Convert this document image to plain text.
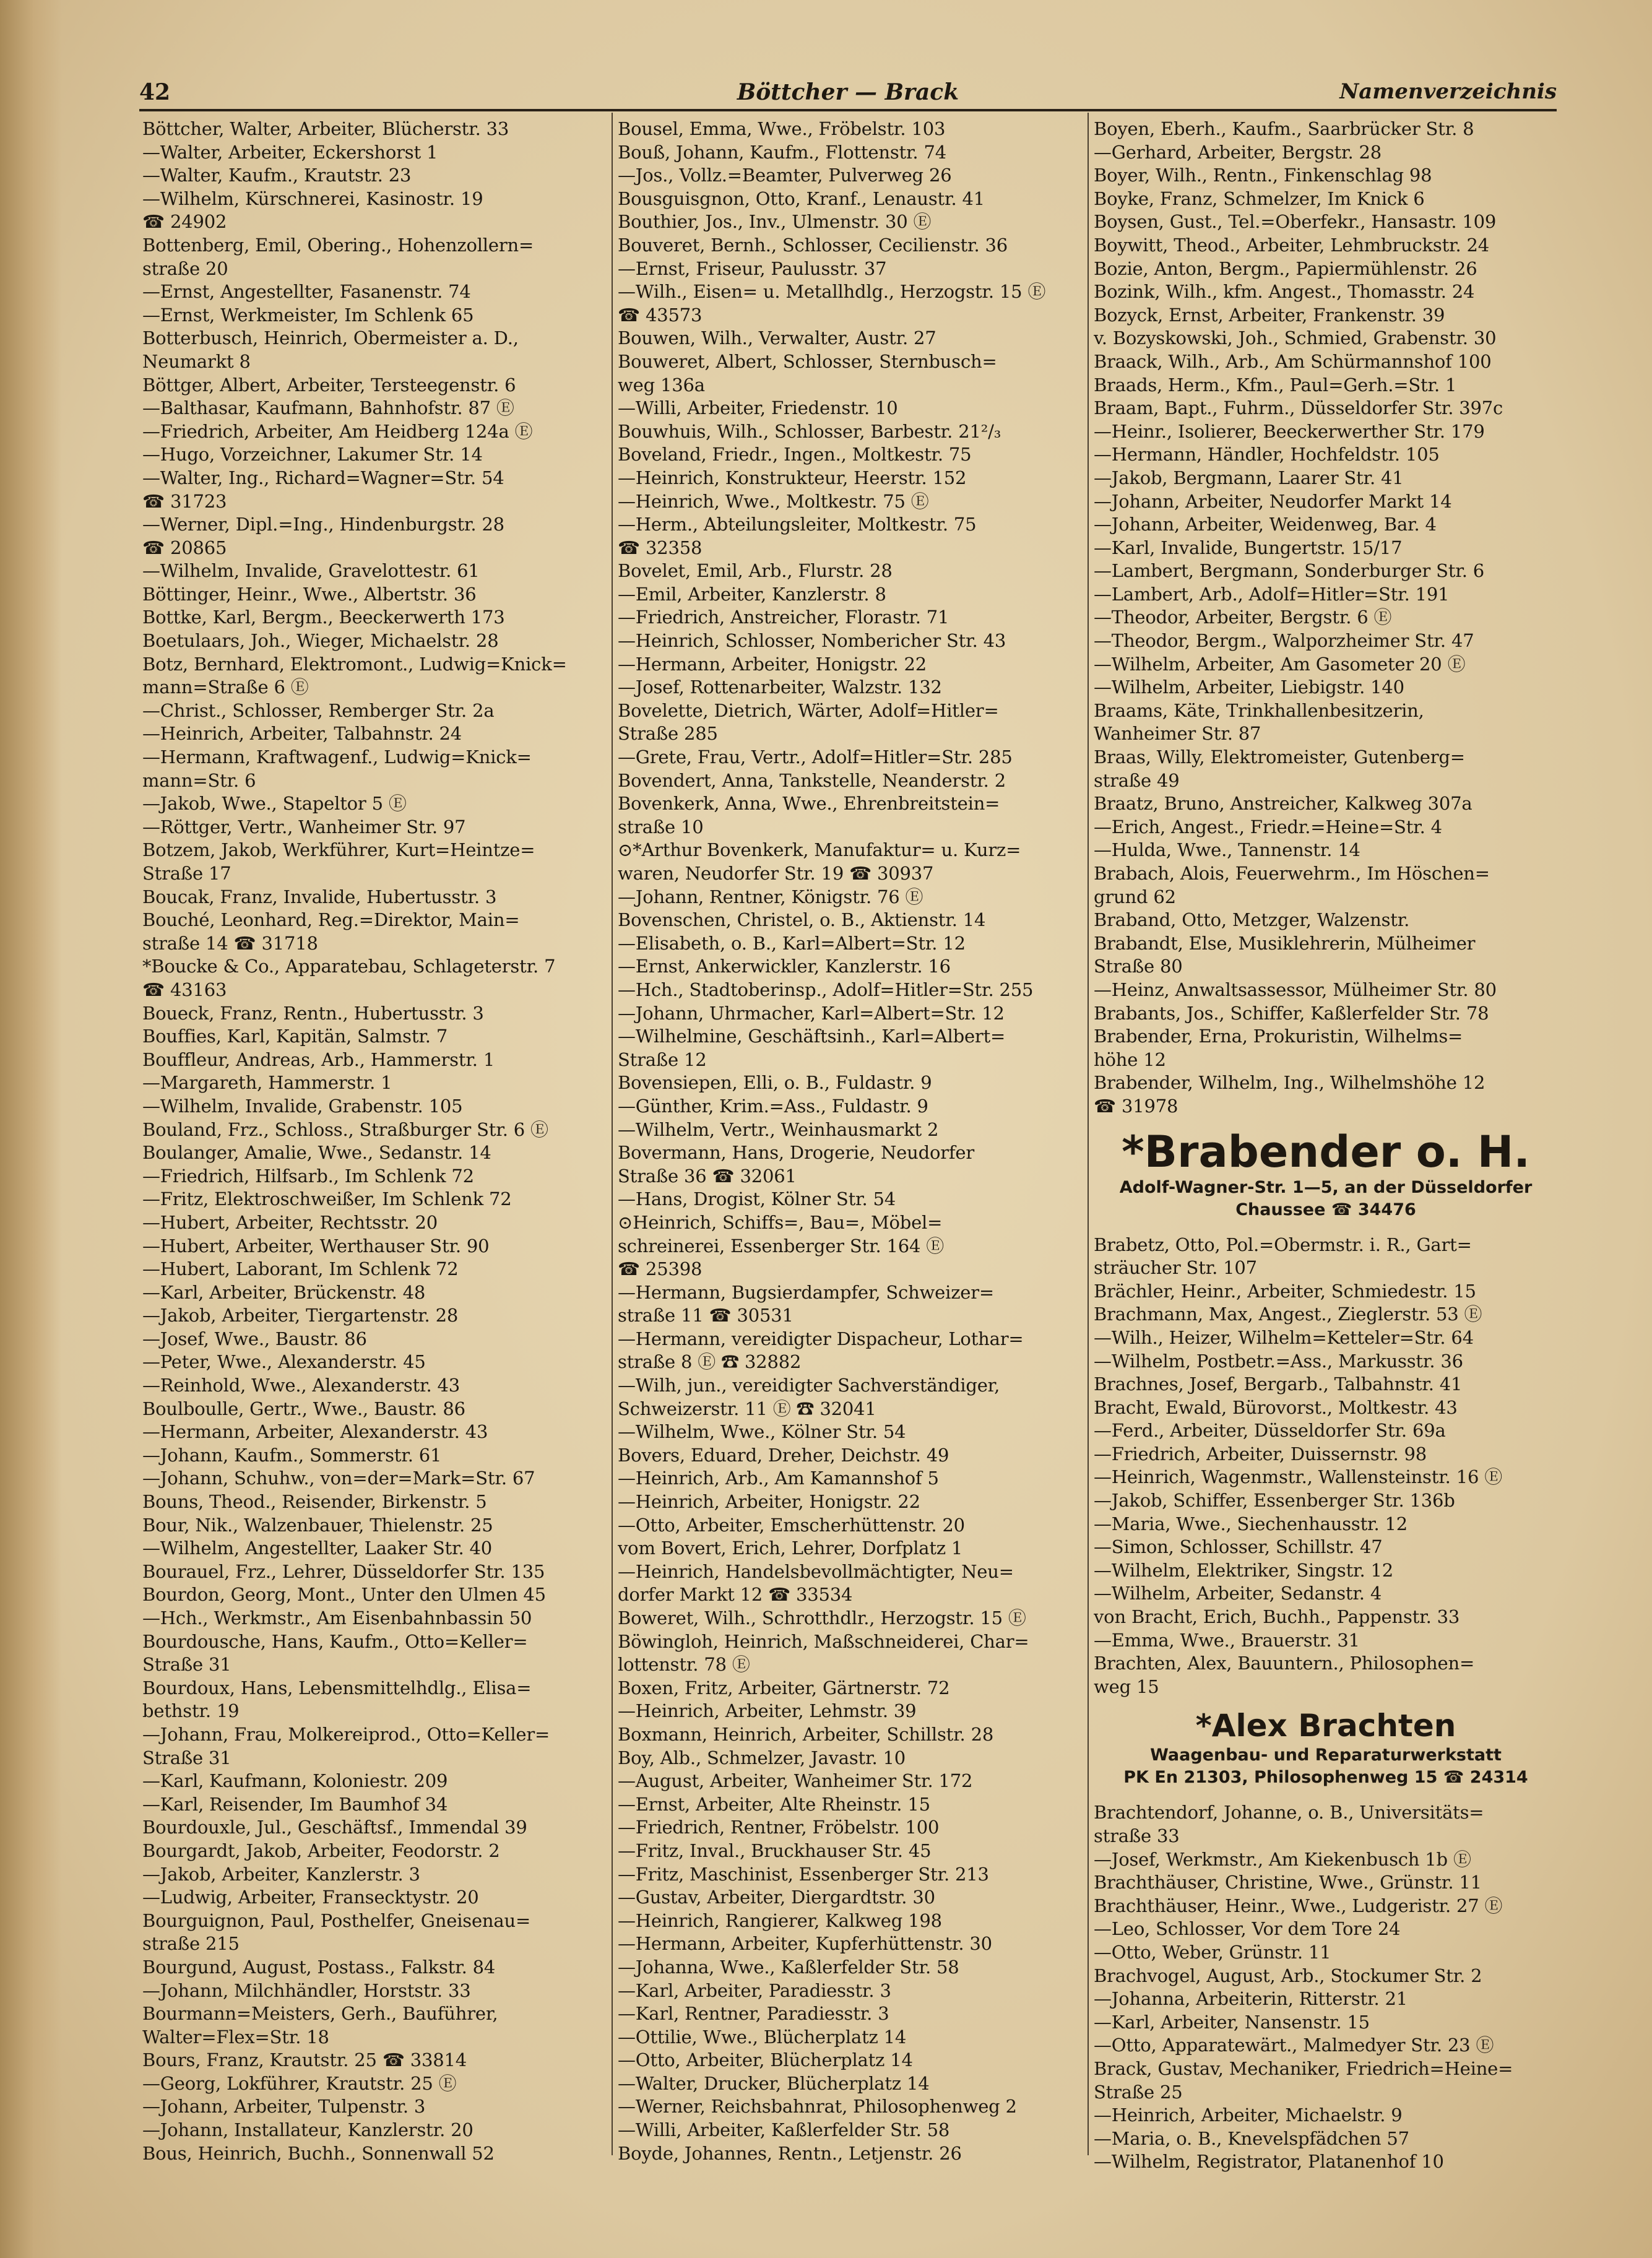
42	Böttcher — Brack	Namenverzeichnis
Böttcher, Walter, Arbeiter, Blücherstr. 33
—Walter, Arbeiter, Eckershorst 1
—Walter, Kaufm., Krautstr. 23
—Wilhelm, Kürschnerei, Kasinostr. 19
☎ 24902
Bottenberg, Emil, Obering., Hohenzollern=
straße 20
—Ernst, Angestellter, Fasanenstr. 74
—Ernst, Werkmeister, Im Schlenk 65
Botterbusch, Heinrich, Obermeister a. D.,
Neumarkt 8
Böttger, Albert, Arbeiter, Tersteegenstr. 6
—Balthasar, Kaufmann, Bahnhofstr. 87 Ⓔ
—Friedrich, Arbeiter, Am Heidberg 124a Ⓔ
—Hugo, Vorzeichner, Lakumer Str. 14
—Walter, Ing., Richard=Wagner=Str. 54
☎ 31723
—Werner, Dipl.=Ing., Hindenburgstr. 28
☎ 20865
—Wilhelm, Invalide, Gravelottestr. 61
Böttinger, Heinr., Wwe., Albertstr. 36
Bottke, Karl, Bergm., Beeckerwerth 173
Boetulaars, Joh., Wieger, Michaelstr. 28
Botz, Bernhard, Elektromont., Ludwig=Knick=
mann=Straße 6 Ⓔ
—Christ., Schlosser, Remberger Str. 2a
—Heinrich, Arbeiter, Talbahnstr. 24
—Hermann, Kraftwagenf., Ludwig=Knick=
mann=Str. 6
—Jakob, Wwe., Stapeltor 5 Ⓔ
—Röttger, Vertr., Wanheimer Str. 97
Botzem, Jakob, Werkführer, Kurt=Heintze=
Straße 17
Boucak, Franz, Invalide, Hubertusstr. 3
Bouché, Leonhard, Reg.=Direktor, Main=
straße 14 ☎ 31718
*Boucke & Co., Apparatebau, Schlageterstr. 7
☎ 43163
Boueck, Franz, Rentn., Hubertusstr. 3
Bouffies, Karl, Kapitän, Salmstr. 7
Bouffleur, Andreas, Arb., Hammerstr. 1
—Margareth, Hammerstr. 1
—Wilhelm, Invalide, Grabenstr. 105
Bouland, Frz., Schloss., Straßburger Str. 6 Ⓔ
Boulanger, Amalie, Wwe., Sedanstr. 14
—Friedrich, Hilfsarb., Im Schlenk 72
—Fritz, Elektroschweißer, Im Schlenk 72
—Hubert, Arbeiter, Rechtsstr. 20
—Hubert, Arbeiter, Werthauser Str. 90
—Hubert, Laborant, Im Schlenk 72
—Karl, Arbeiter, Brückenstr. 48
—Jakob, Arbeiter, Tiergartenstr. 28
—Josef, Wwe., Baustr. 86
—Peter, Wwe., Alexanderstr. 45
—Reinhold, Wwe., Alexanderstr. 43
Boulboulle, Gertr., Wwe., Baustr. 86
—Hermann, Arbeiter, Alexanderstr. 43
—Johann, Kaufm., Sommerstr. 61
—Johann, Schuhw., von=der=Mark=Str. 67
Bouns, Theod., Reisender, Birkenstr. 5
Bour, Nik., Walzenbauer, Thielenstr. 25
—Wilhelm, Angestellter, Laaker Str. 40
Bourauel, Frz., Lehrer, Düsseldorfer Str. 135
Bourdon, Georg, Mont., Unter den Ulmen 45
—Hch., Werkmstr., Am Eisenbahnbassin 50
Bourdousche, Hans, Kaufm., Otto=Keller=
Straße 31
Bourdoux, Hans, Lebensmittelhdlg., Elisa=
bethstr. 19
—Johann, Frau, Molkereiprod., Otto=Keller=
Straße 31
—Karl, Kaufmann, Koloniestr. 209
—Karl, Reisender, Im Baumhof 34
Bourdouxle, Jul., Geschäftsf., Immendal 39
Bourgardt, Jakob, Arbeiter, Feodorstr. 2
—Jakob, Arbeiter, Kanzlerstr. 3
—Ludwig, Arbeiter, Fransecktystr. 20
Bourguignon, Paul, Posthelfer, Gneisenau=
straße 215
Bourgund, August, Postass., Falkstr. 84
—Johann, Milchhändler, Horststr. 33
Bourmann=Meisters, Gerh., Bauführer,
Walter=Flex=Str. 18
Bours, Franz, Krautstr. 25 ☎ 33814
—Georg, Lokführer, Krautstr. 25 Ⓔ
—Johann, Arbeiter, Tulpenstr. 3
—Johann, Installateur, Kanzlerstr. 20
Bous, Heinrich, Buchh., Sonnenwall 52
Bousel, Emma, Wwe., Fröbelstr. 103
Bouß, Johann, Kaufm., Flottenstr. 74
—Jos., Vollz.=Beamter, Pulverweg 26
Bousguisgnon, Otto, Kranf., Lenaustr. 41
Bouthier, Jos., Inv., Ulmenstr. 30 Ⓔ
Bouveret, Bernh., Schlosser, Cecilienstr. 36
—Ernst, Friseur, Paulusstr. 37
—Wilh., Eisen= u. Metallhdlg., Herzogstr. 15 Ⓔ
☎ 43573
Bouwen, Wilh., Verwalter, Austr. 27
Bouweret, Albert, Schlosser, Sternbusch=
weg 136a
—Willi, Arbeiter, Friedenstr. 10
Bouwhuis, Wilh., Schlosser, Barbestr. 21²/₃
Boveland, Friedr., Ingen., Moltkestr. 75
—Heinrich, Konstrukteur, Heerstr. 152
—Heinrich, Wwe., Moltkestr. 75 Ⓔ
—Herm., Abteilungsleiter, Moltkestr. 75
☎ 32358
Bovelet, Emil, Arb., Flurstr. 28
—Emil, Arbeiter, Kanzlerstr. 8
—Friedrich, Anstreicher, Florastr. 71
—Heinrich, Schlosser, Nombericher Str. 43
—Hermann, Arbeiter, Honigstr. 22
—Josef, Rottenarbeiter, Walzstr. 132
Bovelette, Dietrich, Wärter, Adolf=Hitler=
Straße 285
—Grete, Frau, Vertr., Adolf=Hitler=Str. 285
Bovendert, Anna, Tankstelle, Neanderstr. 2
Bovenkerk, Anna, Wwe., Ehrenbreitstein=
straße 10
⊙*Arthur Bovenkerk, Manufaktur= u. Kurz=
waren, Neudorfer Str. 19 ☎ 30937
—Johann, Rentner, Königstr. 76 Ⓔ
Bovenschen, Christel, o. B., Aktienstr. 14
—Elisabeth, o. B., Karl=Albert=Str. 12
—Ernst, Ankerwickler, Kanzlerstr. 16
—Hch., Stadtoberinsp., Adolf=Hitler=Str. 255
—Johann, Uhrmacher, Karl=Albert=Str. 12
—Wilhelmine, Geschäftsinh., Karl=Albert=
Straße 12
Bovensiepen, Elli, o. B., Fuldastr. 9
—Günther, Krim.=Ass., Fuldastr. 9
—Wilhelm, Vertr., Weinhausmarkt 2
Bovermann, Hans, Drogerie, Neudorfer
Straße 36 ☎ 32061
—Hans, Drogist, Kölner Str. 54
⊙Heinrich, Schiffs=, Bau=, Möbel=
schreinerei, Essenberger Str. 164 Ⓔ
☎ 25398
—Hermann, Bugsierdampfer, Schweizer=
straße 11 ☎ 30531
—Hermann, vereidigter Dispacheur, Lothar=
straße 8 Ⓔ ☎ 32882
—Wilh, jun., vereidigter Sachverständiger,
Schweizerstr. 11 Ⓔ ☎ 32041
—Wilhelm, Wwe., Kölner Str. 54
Bovers, Eduard, Dreher, Deichstr. 49
—Heinrich, Arb., Am Kamannshof 5
—Heinrich, Arbeiter, Honigstr. 22
—Otto, Arbeiter, Emscherhüttenstr. 20
vom Bovert, Erich, Lehrer, Dorfplatz 1
—Heinrich, Handelsbevollmächtigter, Neu=
dorfer Markt 12 ☎ 33534
Boweret, Wilh., Schrotthdlr., Herzogstr. 15 Ⓔ
Böwingloh, Heinrich, Maßschneiderei, Char=
lottenstr. 78 Ⓔ
Boxen, Fritz, Arbeiter, Gärtnerstr. 72
—Heinrich, Arbeiter, Lehmstr. 39
Boxmann, Heinrich, Arbeiter, Schillstr. 28
Boy, Alb., Schmelzer, Javastr. 10
—August, Arbeiter, Wanheimer Str. 172
—Ernst, Arbeiter, Alte Rheinstr. 15
—Friedrich, Rentner, Fröbelstr. 100
—Fritz, Inval., Bruckhauser Str. 45
—Fritz, Maschinist, Essenberger Str. 213
—Gustav, Arbeiter, Diergardtstr. 30
—Heinrich, Rangierer, Kalkweg 198
—Hermann, Arbeiter, Kupferhüttenstr. 30
—Johanna, Wwe., Kaßlerfelder Str. 58
—Karl, Arbeiter, Paradiesstr. 3
—Karl, Rentner, Paradiesstr. 3
—Ottilie, Wwe., Blücherplatz 14
—Otto, Arbeiter, Blücherplatz 14
—Walter, Drucker, Blücherplatz 14
—Werner, Reichsbahnrat, Philosophenweg 2
—Willi, Arbeiter, Kaßlerfelder Str. 58
Boyde, Johannes, Rentn., Letjenstr. 26
Boyen, Eberh., Kaufm., Saarbrücker Str. 8
—Gerhard, Arbeiter, Bergstr. 28
Boyer, Wilh., Rentn., Finkenschlag 98
Boyke, Franz, Schmelzer, Im Knick 6
Boysen, Gust., Tel.=Oberfekr., Hansastr. 109
Boywitt, Theod., Arbeiter, Lehmbruckstr. 24
Bozie, Anton, Bergm., Papiermühlenstr. 26
Bozink, Wilh., kfm. Angest., Thomasstr. 24
Bozyck, Ernst, Arbeiter, Frankenstr. 39
v. Bozyskowski, Joh., Schmied, Grabenstr. 30
Braack, Wilh., Arb., Am Schürmannshof 100
Braads, Herm., Kfm., Paul=Gerh.=Str. 1
Braam, Bapt., Fuhrm., Düsseldorfer Str. 397c
—Heinr., Isolierer, Beeckerwerther Str. 179
—Hermann, Händler, Hochfeldstr. 105
—Jakob, Bergmann, Laarer Str. 41
—Johann, Arbeiter, Neudorfer Markt 14
—Johann, Arbeiter, Weidenweg, Bar. 4
—Karl, Invalide, Bungertstr. 15/17
—Lambert, Bergmann, Sonderburger Str. 6
—Lambert, Arb., Adolf=Hitler=Str. 191
—Theodor, Arbeiter, Bergstr. 6 Ⓔ
—Theodor, Bergm., Walporzheimer Str. 47
—Wilhelm, Arbeiter, Am Gasometer 20 Ⓔ
—Wilhelm, Arbeiter, Liebigstr. 140
Braams, Käte, Trinkhallenbesitzerin,
Wanheimer Str. 87
Braas, Willy, Elektromeister, Gutenberg=
straße 49
Braatz, Bruno, Anstreicher, Kalkweg 307a
—Erich, Angest., Friedr.=Heine=Str. 4
—Hulda, Wwe., Tannenstr. 14
Brabach, Alois, Feuerwehrm., Im Höschen=
grund 62
Braband, Otto, Metzger, Walzenstr.
Brabandt, Else, Musiklehrerin, Mülheimer
Straße 80
—Heinz, Anwaltsassessor, Mülheimer Str. 80
Brabants, Jos., Schiffer, Kaßlerfelder Str. 78
Brabender, Erna, Prokuristin, Wilhelms=
höhe 12
Brabender, Wilhelm, Ing., Wilhelmshöhe 12
☎ 31978
*Brabender o. H.
Adolf-Wagner-Str. 1—5, an der Düsseldorfer
Chaussee ☎ 34476
Brabetz, Otto, Pol.=Obermstr. i. R., Gart=
sträucher Str. 107
Brächler, Heinr., Arbeiter, Schmiedestr. 15
Brachmann, Max, Angest., Zieglerstr. 53 Ⓔ
—Wilh., Heizer, Wilhelm=Ketteler=Str. 64
—Wilhelm, Postbetr.=Ass., Markusstr. 36
Brachnes, Josef, Bergarb., Talbahnstr. 41
Bracht, Ewald, Bürovorst., Moltkestr. 43
—Ferd., Arbeiter, Düsseldorfer Str. 69a
—Friedrich, Arbeiter, Duissernstr. 98
—Heinrich, Wagenmstr., Wallensteinstr. 16 Ⓔ
—Jakob, Schiffer, Essenberger Str. 136b
—Maria, Wwe., Siechenhausstr. 12
—Simon, Schlosser, Schillstr. 47
—Wilhelm, Elektriker, Singstr. 12
—Wilhelm, Arbeiter, Sedanstr. 4
von Bracht, Erich, Buchh., Pappenstr. 33
—Emma, Wwe., Brauerstr. 31
Brachten, Alex, Bauuntern., Philosophen=
weg 15
*Alex Brachten
Waagenbau- und Reparaturwerkstatt
PK En 21303, Philosophenweg 15 ☎ 24314
Brachtendorf, Johanne, o. B., Universitäts=
straße 33
—Josef, Werkmstr., Am Kiekenbusch 1b Ⓔ
Brachthäuser, Christine, Wwe., Grünstr. 11
Brachthäuser, Heinr., Wwe., Ludgeristr. 27 Ⓔ
—Leo, Schlosser, Vor dem Tore 24
—Otto, Weber, Grünstr. 11
Brachvogel, August, Arb., Stockumer Str. 2
—Johanna, Arbeiterin, Ritterstr. 21
—Karl, Arbeiter, Nansenstr. 15
—Otto, Apparatewärt., Malmedyer Str. 23 Ⓔ
Brack, Gustav, Mechaniker, Friedrich=Heine=
Straße 25
—Heinrich, Arbeiter, Michaelstr. 9
—Maria, o. B., Knevelspfädchen 57
—Wilhelm, Registrator, Platanenhof 10
